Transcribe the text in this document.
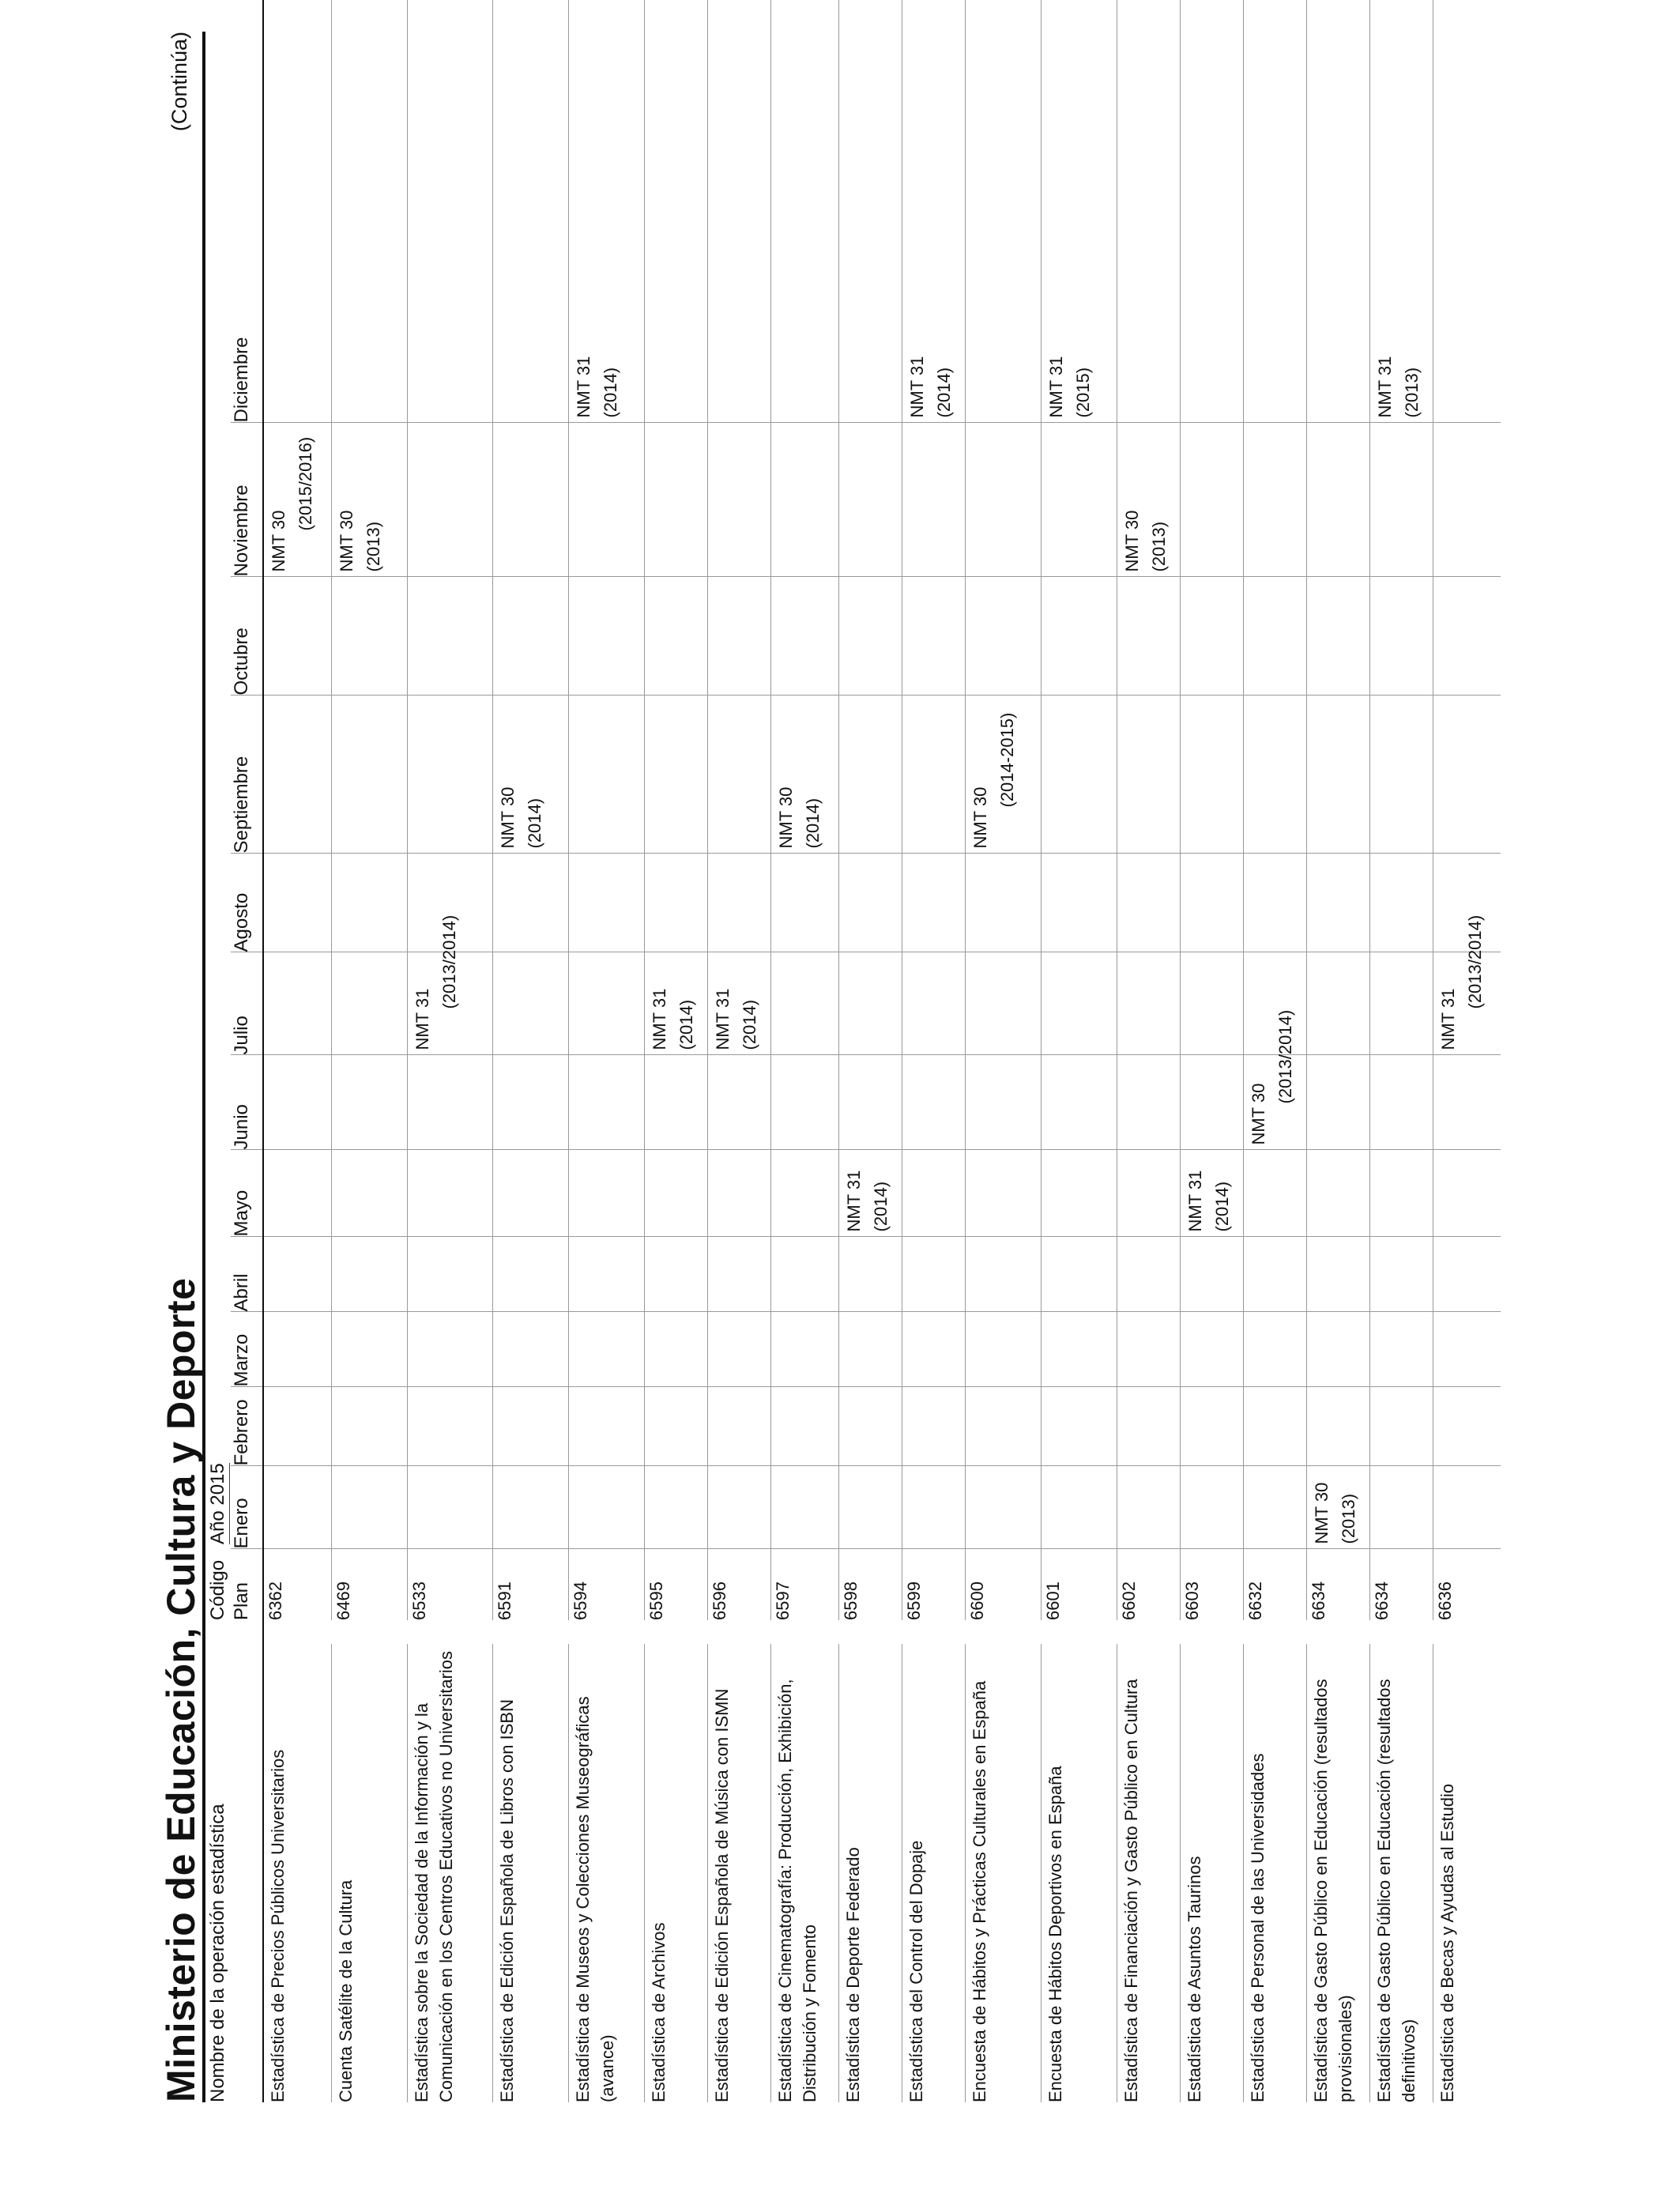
Ministerio de Educación, Cultura y Deporte
(Continúa)
Nombre de la operación estadística		Código	Año 2015											
		Plan	Enero	Febrero	Marzo	Abril	Mayo	Junio	Julio	Agosto	Septiembre	Octubre	Noviembre	Diciembre
Estadística de Precios Públicos Universitarios		6362											NMT 30
(2015/2016)	

Cuenta Satélite de la Cultura		6469											NMT 30 (2013)	

Estadística sobre la Sociedad de la Información y la Comunicación en los Centros Educativos no Universitarios		6533							NMT 31
(2013/2014)					

Estadística de Edición Española de Libros con ISBN		6591									NMT 30 (2014)			

Estadística de Museos y Colecciones Museográficas (avance)		6594												NMT 31 (2014)

Estadística de Archivos		6595							NMT 31 (2014)					

Estadística de Edición Española de Música con ISMN		6596							NMT 31 (2014)					

Estadística de Cinematografía: Producción, Exhibición, Distribución y Fomento		6597									NMT 30 (2014)			

Estadística de Deporte Federado		6598					NMT 31 (2014)							

Estadística del Control del Dopaje		6599												NMT 31 (2014)

Encuesta de Hábitos y Prácticas Culturales en España		6600									NMT 30
(2014-2015)			

Encuesta de Hábitos Deportivos en España		6601												NMT 31 (2015)

Estadística de Financiación y Gasto Público en Cultura		6602											NMT 30 (2013)	

Estadística de Asuntos Taurinos		6603					NMT 31 (2014)							

Estadística de Personal de las Universidades		6632						NMT 30
(2013/2014)						

Estadística de Gasto Público en Educación (resultados provisionales)		6634	NMT 30 (2013)											

Estadística de Gasto Público en Educación (resultados definitivos)		6634												NMT 31 (2013)

Estadística de Becas y Ayudas al Estudio		6636							NMT 31
(2013/2014)					
